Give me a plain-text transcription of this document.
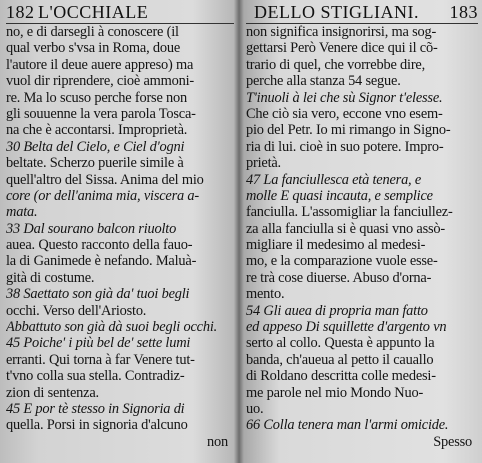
182 L'OCCHIALE
no, e di darsegli à conoscere (il
qual verbo s'vsa in Roma, doue
l'autore il deue auere appreso) ma
vuol dir riprendere, cioè ammoni-
re. Ma lo scuso perche forse non
gli souuenne la vera parola Tosca-
na che è accontarsi. Improprietà.
30 Belta del Cielo, e Ciel d'ogni
beltate. Scherzo puerile simile à
quell'altro del Sissa. Anima del mio
core (or dell'anima mia, viscera a-
mata.
33 Dal sourano balcon riuolto
auea. Questo racconto della fauo-
la di Ganimede è nefando. Maluà-
gità di costume.
38 Saettato son già da' tuoi begli
occhi. Verso dell'Ariosto.
Abbattuto son già dà suoi begli occhi.
45 Poiche' i più bel de' sette lumi
erranti. Qui torna à far Venere tut-
t'vno colla sua stella. Contradiz-
zion di sentenza.
45 E por tè stesso in Signoria di
quella. Porsi in signoria d'alcuno
non
DELLO STIGLIANI. 183
non significa insignorirsi, ma sog-
gettarsi Però Venere dice qui il cõ-
trario di quel, che vorrebbe dire,
perche alla stanza 54 segue.
T'inuoli à lei che sù Signor t'elesse.
Che ciò sia vero, eccone vno esem-
pio del Petr. Io mi rimango in Signo-
ria di lui. cioè in suo potere. Impro-
prietà.
47 La fanciullesca età tenera, e
molle E quasi incauta, e semplice
fanciulla. L'assomigliar la fanciullez-
za alla fanciulla si è quasi vno assò-
migliare il medesimo al medesi-
mo, e la comparazione vuole esse-
re trà cose diuerse. Abuso d'orna-
mento.
54 Gli auea di propria man fatto
ed appeso Di squillette d'argento vn
serto al collo. Questa è appunto la
banda, ch'aueua al petto il cauallo
di Roldano descritta colle medesi-
me parole nel mio Mondo Nuo-
uo.
66 Colla tenera man l'armi omicide.
Spesso
